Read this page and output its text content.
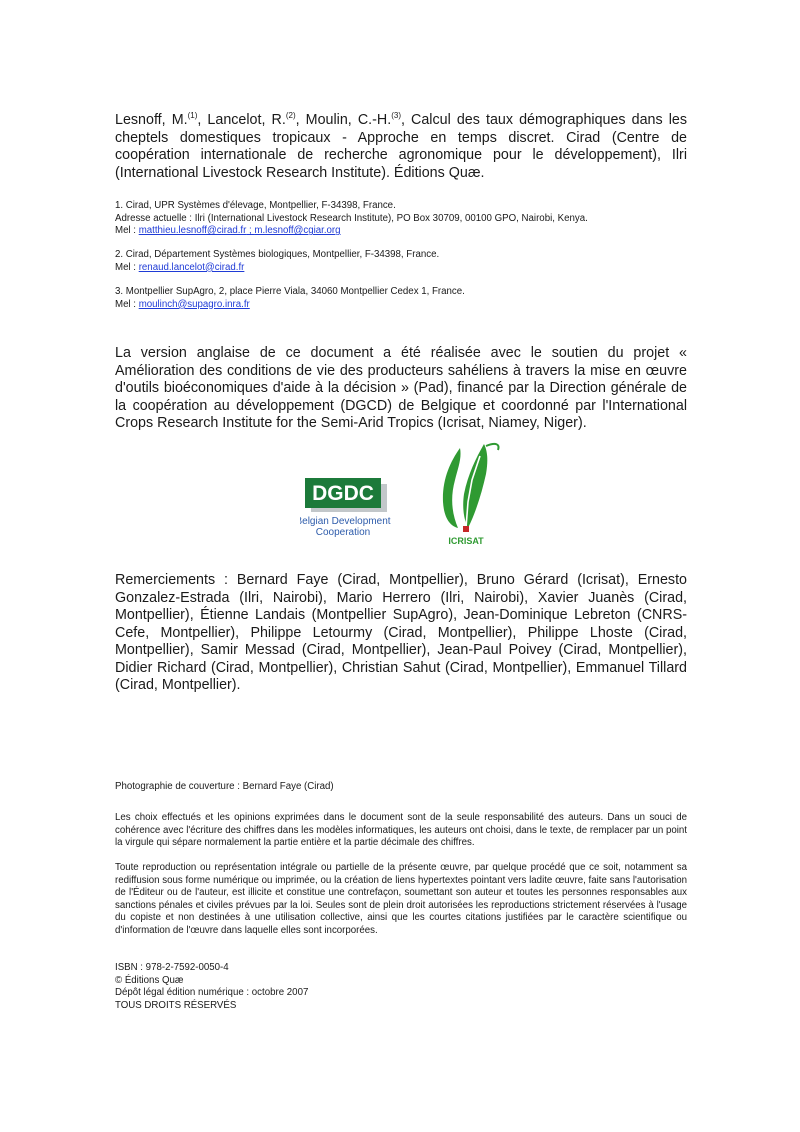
Lesnoff, M.$^{(1)}$, Lancelot, R.$^{(2)}$, Moulin, C.-H.$^{(3)}$, Calcul des taux démographiques dans les cheptels domestiques tropicaux - Approche en temps discret. Cirad (Centre de coopération internationale de recherche agronomique pour le développement), Ilri (International Livestock Research Institute). Éditions Quæ.

1. Cirad, UPR Systèmes d'élevage, Montpellier, F-34398, France.
Adresse actuelle : Ilri (International Livestock Research Institute), PO Box 30709, 00100 GPO, Nairobi, Kenya.
Mel : matthieu.lesnoff@cirad.fr ; m.lesnoff@cgiar.org
2. Cirad, Département Systèmes biologiques, Montpellier, F-34398, France.
Mel : renaud.lancelot@cirad.fr
3. Montpellier SupAgro, 2, place Pierre Viala, 34060 Montpellier Cedex 1, France.
Mel : moulinch@supagro.inra.fr

La version anglaise de ce document a été réalisée avec le soutien du projet « Amélioration des conditions de vie des producteurs sahéliens à travers la mise en œuvre d'outils bioéconomiques d'aide à la décision » (Pad), financé par la Direction générale de la coopération au développement (DGCD) de Belgique et coordonné par l'International Crops Research Institute for the Semi-Arid Tropics (Icrisat, Niamey, Niger).

DGDC
Belgian Development
Cooperation
ICRISAT

Remerciements : Bernard Faye (Cirad, Montpellier), Bruno Gérard (Icrisat), Ernesto Gonzalez-Estrada (Ilri, Nairobi), Mario Herrero (Ilri, Nairobi), Xavier Juanès (Cirad, Montpellier), Étienne Landais (Montpellier SupAgro), Jean-Dominique Lebreton (CNRS-Cefe, Montpellier), Philippe Letourmy (Cirad, Montpellier), Philippe Lhoste (Cirad, Montpellier), Samir Messad (Cirad, Montpellier), Jean-Paul Poivey (Cirad, Montpellier), Didier Richard (Cirad, Montpellier), Christian Sahut (Cirad, Montpellier), Emmanuel Tillard (Cirad, Montpellier).

Photographie de couverture : Bernard Faye (Cirad)

Les choix effectués et les opinions exprimées dans le document sont de la seule responsabilité des auteurs. Dans un souci de cohérence avec l'écriture des chiffres dans les modèles informatiques, les auteurs ont choisi, dans le texte, de remplacer par un point la virgule qui sépare normalement la partie entière et la partie décimale des chiffres.

Toute reproduction ou représentation intégrale ou partielle de la présente œuvre, par quelque procédé que ce soit, notamment sa rediffusion sous forme numérique ou imprimée, ou la création de liens hypertextes pointant vers ladite œuvre, faite sans l'autorisation de l'Éditeur ou de l'auteur, est illicite et constitue une contrefaçon, soumettant son auteur et toutes les personnes responsables aux sanctions pénales et civiles prévues par la loi. Seules sont de plein droit autorisées les reproductions strictement réservées à l'usage du copiste et non destinées à une utilisation collective, ainsi que les courtes citations justifiées par le caractère scientifique ou d'information de l'œuvre dans laquelle elles sont incorporées.

ISBN : 978-2-7592-0050-4
© Éditions Quæ
Dépôt légal édition numérique : octobre 2007
TOUS DROITS RÉSERVÉS
